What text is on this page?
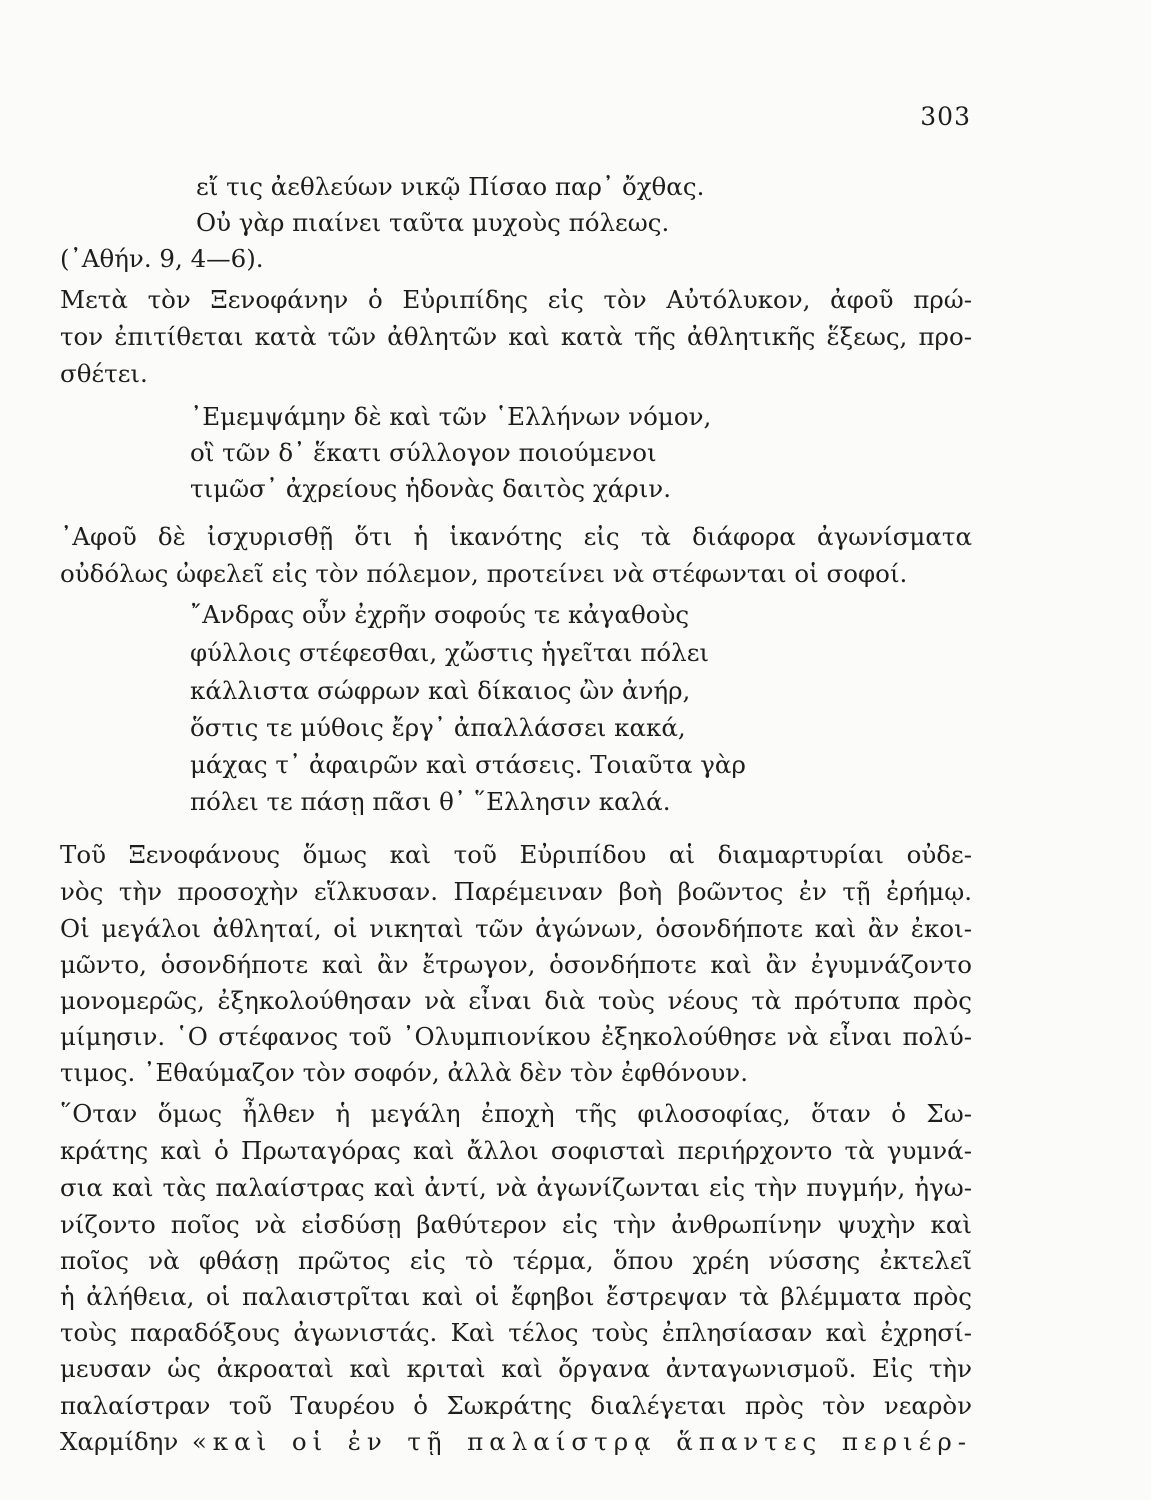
303
εἴ τις ἀεθλεύων νικῷ Πίσαο παρ᾽ ὄχθας.
Οὐ γὰρ πιαίνει ταῦτα μυχοὺς πόλεως.
(᾽Αθήν. 9, 4—6).
Μετὰ τὸν Ξενοφάνην ὁ Εὐριπίδης εἰς τὸν Αὐτόλυκον, ἀφοῦ πρώ-
τον ἐπιτίθεται κατὰ τῶν ἀθλητῶν καὶ κατὰ τῆς ἀθλητικῆς ἕξεως, προ-
σθέτει.
᾽Εμεμψάμην δὲ καὶ τῶν ῾Ελλήνων νόμον,
οἳ τῶν δ᾽ ἕκατι σύλλογον ποιούμενοι
τιμῶσ᾽ ἀχρείους ἡδονὰς δαιτὸς χάριν.
᾽Αφοῦ δὲ ἰσχυρισθῇ ὅτι ἡ ἱκανότης εἰς τὰ διάφορα ἀγωνίσματα
οὐδόλως ὠφελεῖ εἰς τὸν πόλεμον, προτείνει νὰ στέφωνται οἱ σοφοί.
῎Ανδρας οὖν ἐχρῆν σοφούς τε κἀγαθοὺς
φύλλοις στέφεσθαι, χὤστις ἡγεῖται πόλει
κάλλιστα σώφρων καὶ δίκαιος ὢν ἀνήρ,
ὅστις τε μύθοις ἔργ᾽ ἀπαλλάσσει κακά,
μάχας τ᾽ ἀφαιρῶν καὶ στάσεις. Τοιαῦτα γὰρ
πόλει τε πάσῃ πᾶσι θ᾽ ῞Ελλησιν καλά.
Τοῦ Ξενοφάνους ὅμως καὶ τοῦ Εὐριπίδου αἱ διαμαρτυρίαι οὐδε-
νὸς τὴν προσοχὴν εἵλκυσαν. Παρέμειναν βοὴ βοῶντος ἐν τῇ ἐρήμῳ.
Οἱ μεγάλοι ἀθληταί, οἱ νικηταὶ τῶν ἀγώνων, ὁσονδήποτε καὶ ἂν ἐκοι-
μῶντο, ὁσονδήποτε καὶ ἂν ἔτρωγον, ὁσονδήποτε καὶ ἂν ἐγυμνάζοντο
μονομερῶς, ἐξηκολούθησαν νὰ εἶναι διὰ τοὺς νέους τὰ πρότυπα πρὸς
μίμησιν. ῾Ο στέφανος τοῦ ᾽Ολυμπιονίκου ἐξηκολούθησε νὰ εἶναι πολύ-
τιμος. ᾽Εθαύμαζον τὸν σοφόν, ἀλλὰ δὲν τὸν ἐφθόνουν.
῞Οταν ὅμως ἦλθεν ἡ μεγάλη ἐποχὴ τῆς φιλοσοφίας, ὅταν ὁ Σω-
κράτης καὶ ὁ Πρωταγόρας καὶ ἄλλοι σοφισταὶ περιήρχοντο τὰ γυμνά-
σια καὶ τὰς παλαίστρας καὶ ἀντί, νὰ ἀγωνίζωνται εἰς τὴν πυγμήν, ἠγω-
νίζοντο ποῖος νὰ εἰσδύσῃ βαθύτερον εἰς τὴν ἀνθρωπίνην ψυχὴν καὶ
ποῖος νὰ φθάσῃ πρῶτος εἰς τὸ τέρμα, ὅπου χρέη νύσσης ἐκτελεῖ
ἡ ἀλήθεια, οἱ παλαιστρῖται καὶ οἱ ἔφηβοι ἔστρεψαν τὰ βλέμματα πρὸς
τοὺς παραδόξους ἀγωνιστάς. Καὶ τέλος τοὺς ἐπλησίασαν καὶ ἐχρησί-
μευσαν ὡς ἀκροαταὶ καὶ κριταὶ καὶ ὄργανα ἀνταγωνισμοῦ. Εἰς τὴν
παλαίστραν τοῦ Ταυρέου ὁ Σωκράτης διαλέγεται πρὸς τὸν νεαρὸν
Χαρμίδην «καὶ οἱ ἐν τῇ παλαίστρᾳ ἅπαντες περιέρ-
